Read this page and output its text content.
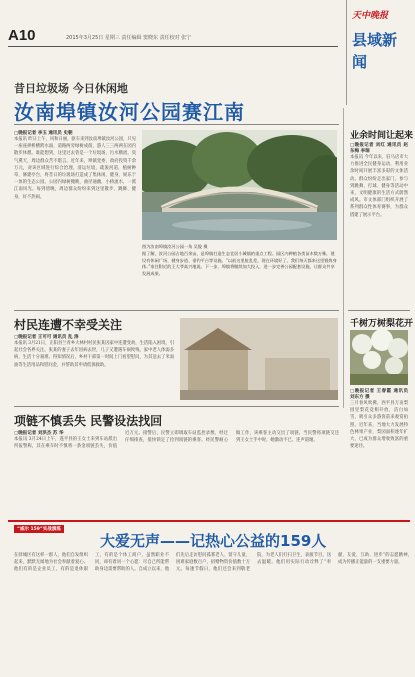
A10	2015年3月25日 星期三 责任编辑 窦晓东 责任校对 张宁
天中晚报
县域新闻
昔日垃圾场 今日休闲地
汝南埠镇汝河公园赛江南
□晚报记者 李玉 通讯员 史朝
本报讯 昨日上午，风和日丽，驱车来到汝南埠镇汝河公园，只见一座座拱桥横跨水面，道路两旁绿树成荫，游人三三两两在园内散步休憩。谁能想到，这里过去曾是一个垃圾场，污水横流，臭气熏天，周边群众苦不堪言。近年来，埠镇党委、政府投资千余万元，对该区域进行综合治理，清运垃圾，疏浚河道，植树种草，修建亭台，将昔日的垃圾场打造成了集休闲、健身、娱乐于一体的生态公园。公园内绿树掩映，曲径通幽，小桥流水，一派江南风光。每到傍晚，周边群众纷纷来到这里散步、跳舞、健身，好不热闹。
图为汝南埠镇汝河公园一角 吴俊 摄
据了解，汝河公园占地百余亩，是埠镇打造生态宜居小城镇的重点工程。园区内种植各类苗木数万株，建设有休闲广场、健身步道、垂钓平台等设施。“以前这里脏乱差，现在环境好了，我们每天都来这里锻炼身体。”家住附近的王大爷高兴地说。下一步，埠镇将继续加大投入，进一步完善公园配套设施，让群众共享发展成果。
业余时间让起来
□晚报记者 刘红 通讯员 赵东梅 李瑞
本报讯 今年以来，驻马店市大力推进全民健身运动，利用业余时间开展丰富多彩的文体活动。群众纷纷走出家门，参与到跳舞、打球、健身等活动中来，文明健康的生活方式蔚然成风。市文体部门组织开展了系列群众性体育赛事，为群众搭建了展示平台。
千树万树梨花开
□晚报记者 王春霞 通讯员 刘东方 摄
三月春风吹拂，西平县万亩梨园里梨花竞相开放，洁白如雪，吸引众多游客前来观赏拍照。近年来，当地大力发展特色林果产业，梨园面积逐年扩大，已成为群众增收致富的重要途径。
村民连遭不幸受关注
□晚报记者 王可可 通讯员 乱 涛
本报讯 3月21日，正阳县兰青乡大林村村民张某因家中连遭变故，生活陷入困境，引起社会各界关注。张某的妻子去年因病去世，儿子又遭遇车祸致残，家中老人体弱多病，生活十分艰难。得知情况后，乡村干部第一时间上门看望慰问，为其送去了米面油等生活用品和慰问金，并帮助其申请低保救助。
项链不慎丢失 民警设法找回
□晚报记者 刘洪杰 苏 华
本报讯 3月24日上午，遂平县的王女士来到车站派出所报警称，其在乘车时不慎将一条金项链丢失，价值近万元。接警后，民警立即调取车站监控录像，经过仔细排查，很快锁定了捡到项链的乘客。经民警耐心做工作，该乘客主动交出了项链。当民警将项链交还到王女士手中时，她激动不已，连声道谢。
“威尔 159”实战演练
大爱无声——记热心公益的159人
在驿城区有这样一群人，他们自发组织起来，默默无闻地为社会奉献着爱心。他们有的是企业员工，有的是退休职工，有的是个体工商户，虽然职业不同，却有着同一个心愿：尽自己所能帮助身边需要帮助的人。自成立以来，他们先后走访慰问孤寡老人、留守儿童、困难家庭数百户，捐赠物资价值数十万元。每逢节假日，他们还会来到敬老院，为老人们打扫卫生、表演节目，送去温暖。他们用实际行动诠释了“奉献、友爱、互助、进步”的志愿精神，成为传播正能量的一支重要力量。
